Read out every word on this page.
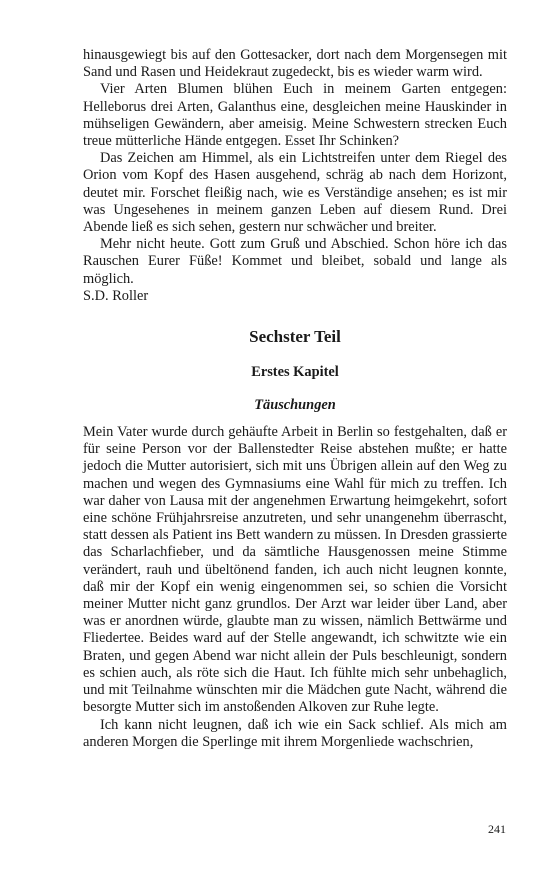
hinausgewiegt bis auf den Gottesacker, dort nach dem Morgensegen mit Sand und Rasen und Heidekraut zugedeckt, bis es wieder warm wird.

Vier Arten Blumen blühen Euch in meinem Garten entgegen: Helleborus drei Arten, Galanthus eine, desgleichen meine Hauskinder in mühseligen Gewändern, aber ameisig. Meine Schwestern strecken Euch treue mütterliche Hände entgegen. Esset Ihr Schinken?

Das Zeichen am Himmel, als ein Lichtstreifen unter dem Riegel des Orion vom Kopf des Hasen ausgehend, schräg ab nach dem Horizont, deutet mir. Forschet fleißig nach, wie es Verständige ansehen; es ist mir was Ungesehenes in meinem ganzen Leben auf diesem Rund. Drei Abende ließ es sich sehen, gestern nur schwächer und breiter.

Mehr nicht heute. Gott zum Gruß und Abschied. Schon höre ich das Rauschen Eurer Füße! Kommet und bleibet, sobald und lange als möglich.

S.D. Roller

Sechster Teil
Erstes Kapitel
Täuschungen

Mein Vater wurde durch gehäufte Arbeit in Berlin so festgehalten, daß er für seine Person vor der Ballenstedter Reise abstehen mußte; er hatte jedoch die Mutter autorisiert, sich mit uns Übrigen allein auf den Weg zu machen und wegen des Gymnasiums eine Wahl für mich zu treffen. Ich war daher von Lausa mit der angenehmen Erwartung heimgekehrt, sofort eine schöne Frühjahrsreise anzutreten, und sehr unangenehm überrascht, statt dessen als Patient ins Bett wandern zu müssen. In Dresden grassierte das Scharlachfieber, und da sämtliche Hausgenossen meine Stimme verändert, rauh und übeltönend fanden, ich auch nicht leugnen konnte, daß mir der Kopf ein wenig eingenommen sei, so schien die Vorsicht meiner Mutter nicht ganz grundlos. Der Arzt war leider über Land, aber was er anordnen würde, glaubte man zu wissen, nämlich Bettwärme und Fliedertee. Beides ward auf der Stelle angewandt, ich schwitzte wie ein Braten, und gegen Abend war nicht allein der Puls beschleunigt, sondern es schien auch, als röte sich die Haut. Ich fühlte mich sehr unbehaglich, und mit Teilnahme wünschten mir die Mädchen gute Nacht, während die besorgte Mutter sich im anstoßenden Alkoven zur Ruhe legte.

Ich kann nicht leugnen, daß ich wie ein Sack schlief. Als mich am anderen Morgen die Sperlinge mit ihrem Morgenliede wachschrien,

241
